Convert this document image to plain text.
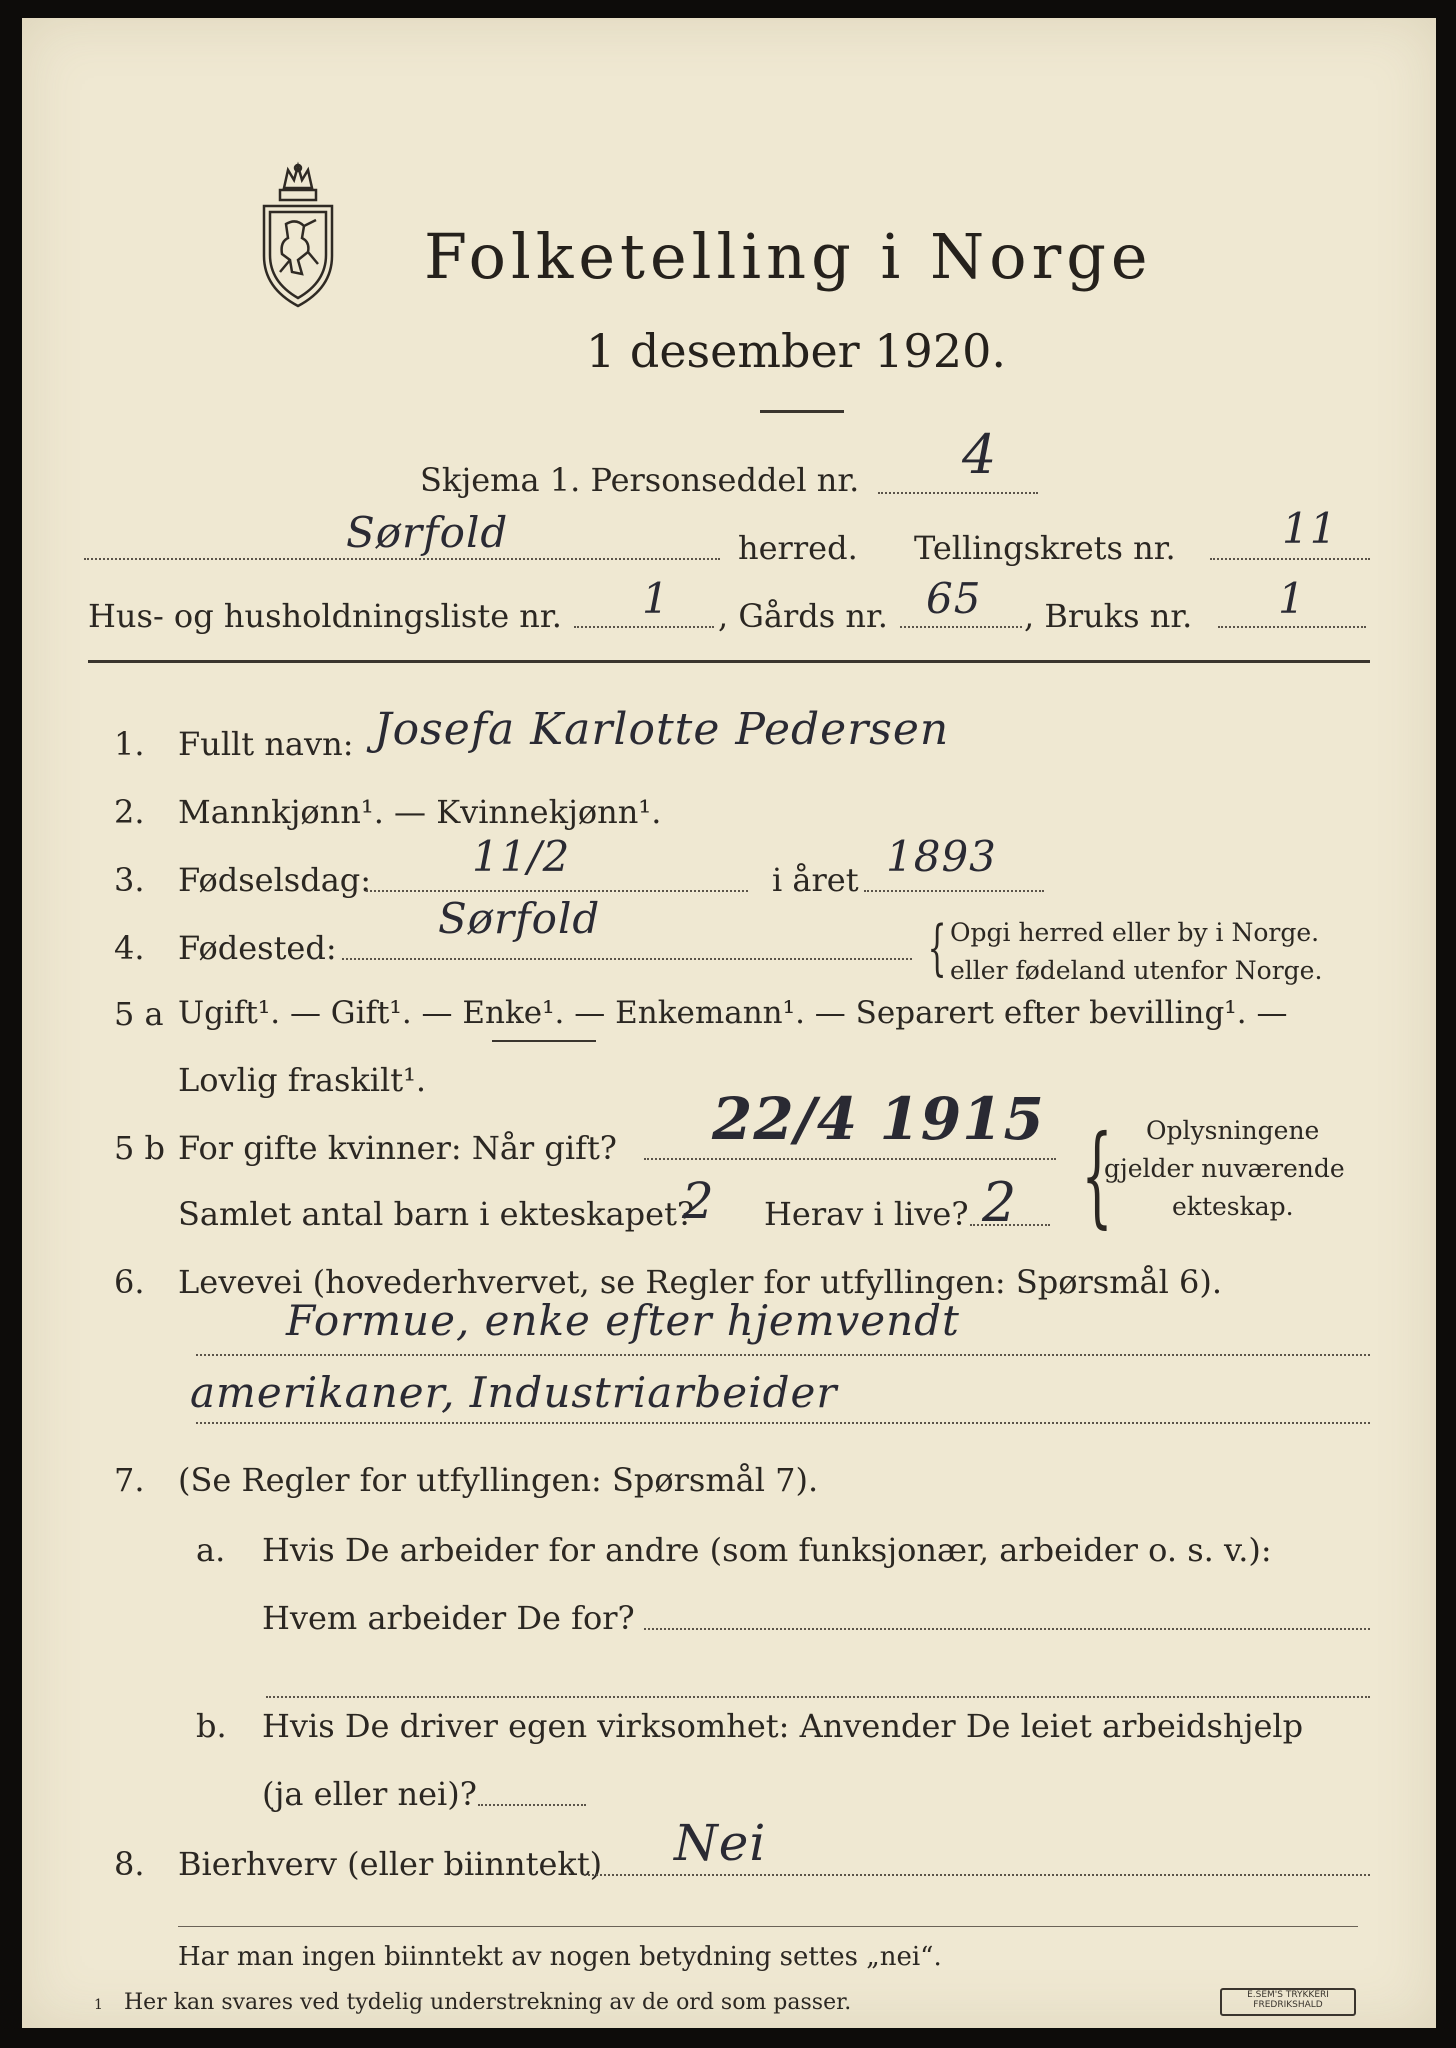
Folketelling i Norge
1 desember 1920.
Skjema 1. Personseddel nr. 4
Sørfold	herred. Tellingskrets nr.	11
Hus- og husholdningsliste nr. 1 , Gårds nr. 65 , Bruks nr. 1
1. Fullt navn: Josefa Karlotte Pedersen
2. Mannkjønn¹. — Kvinnekjønn¹.
3. Fødselsdag: 11/2	i året 1893
4. Fødested:
Sørfold	{ Opgi herred eller by i Norge.
eller fødeland utenfor Norge.
5 a Ugift¹. — Gift¹. — Enke¹. — Enkemann¹. — Separert efter bevilling¹. —
Lovlig fraskilt¹.
5 b For gifte kvinner: Når gift? 22/4 1915
Samlet antal barn i ekteskapet?
2 Herav i live? 2 { Oplysningene
gjelder nuværende
ekteskap.
6. Levevei (hovederhvervet, se Regler for utfyllingen: Spørsmål 6).
Formue, enke efter hjemvendt
amerikaner, Industriarbeider
7. (Se Regler for utfyllingen: Spørsmål 7).
a. Hvis De arbeider for andre (som funksjonær, arbeider o. s. v.):
Hvem arbeider De for?
b. Hvis De driver egen virksomhet: Anvender De leiet arbeidshjelp
(ja eller nei)?
8. Bierhverv (eller biinntekt) Nei
Har man ingen biinntekt av nogen betydning settes „nei“.
1 Her kan svares ved tydelig understrekning av de ord som passer.	E.SEM'S TRYKKERI
FREDRIKSHALD
